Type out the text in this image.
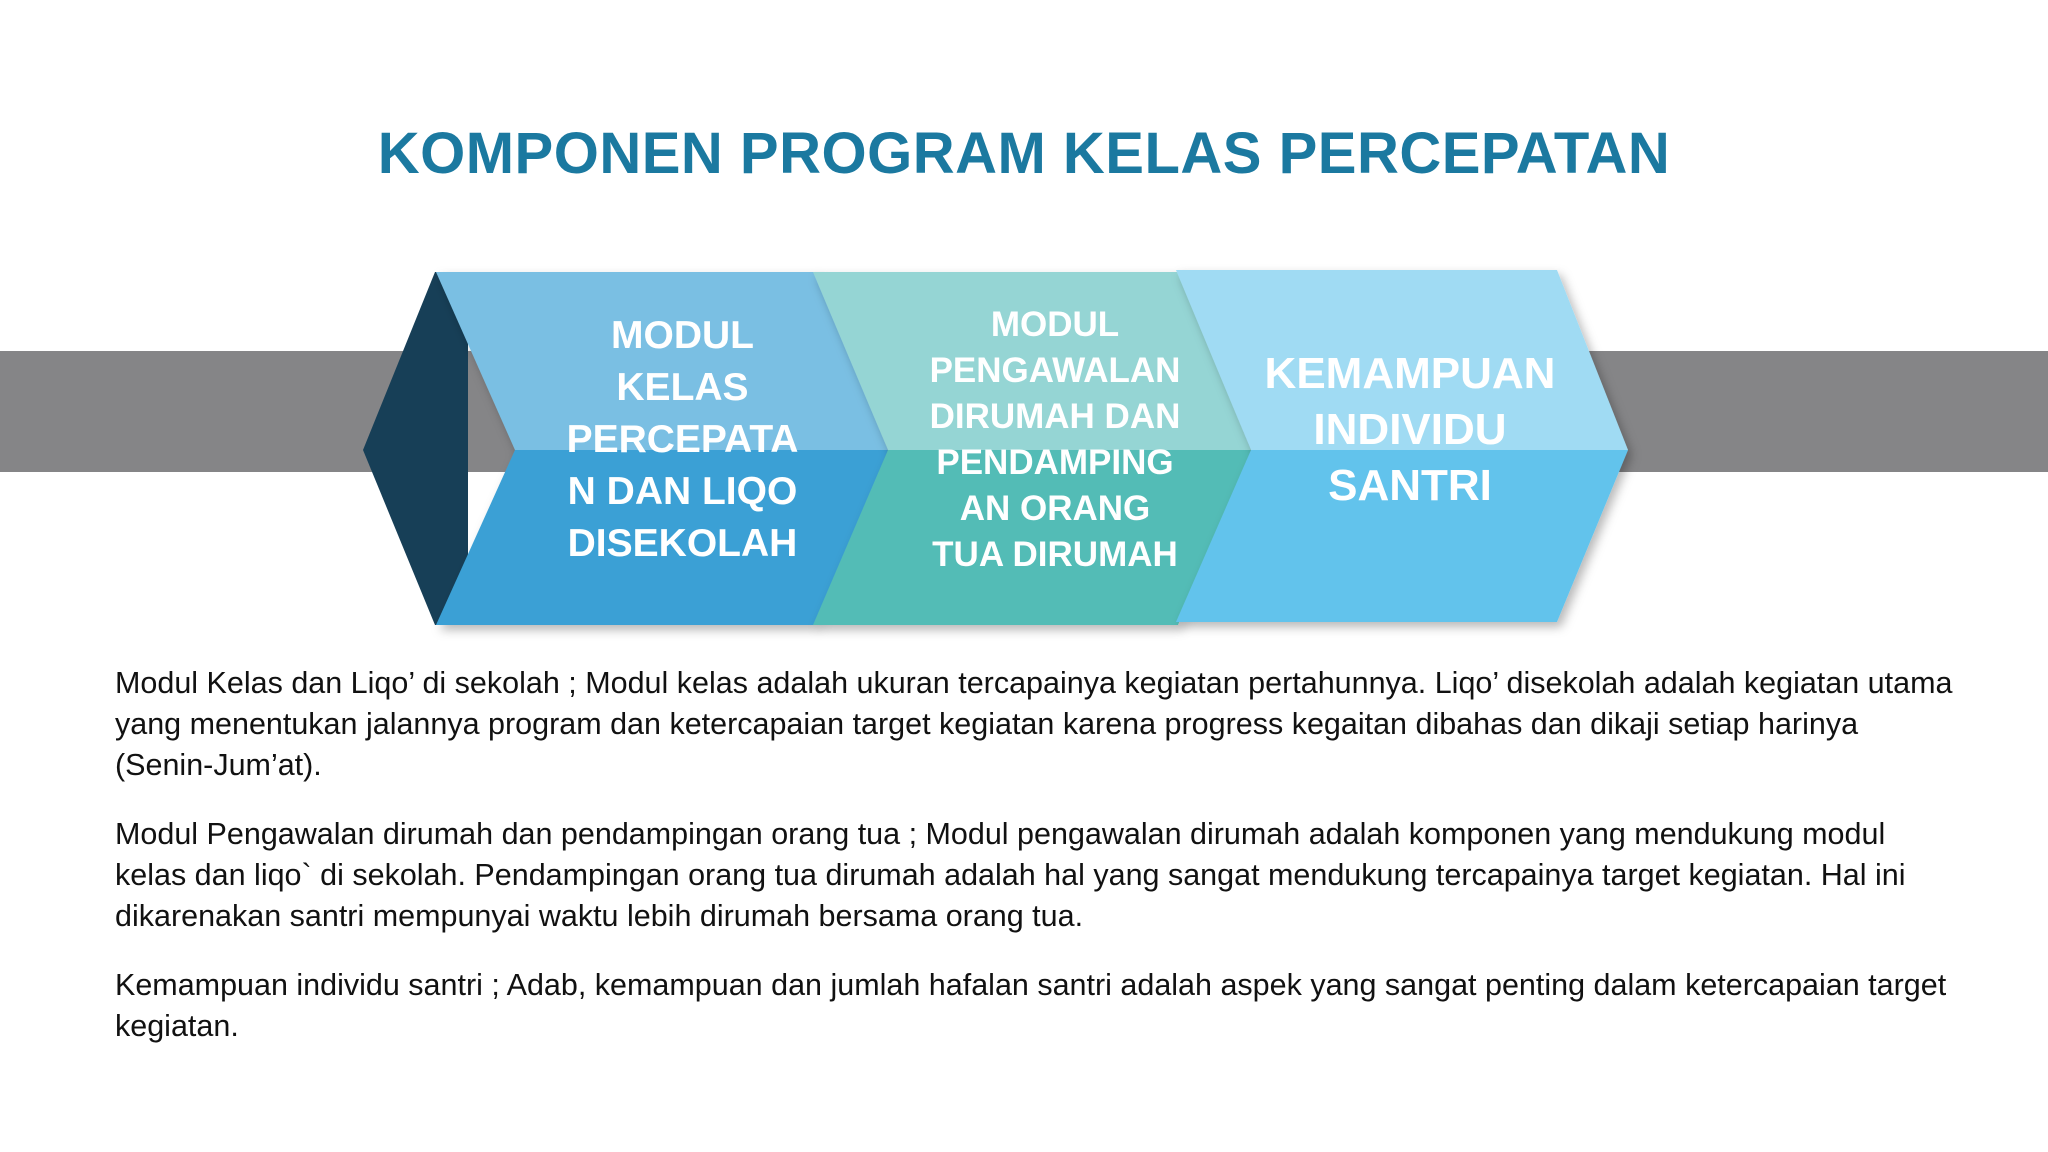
KOMPONEN PROGRAM KELAS PERCEPATAN
MODUL
KELAS
PERCEPATA
N DAN LIQO
DISEKOLAH
MODUL
PENGAWALAN
DIRUMAH DAN
PENDAMPING
AN ORANG
TUA DIRUMAH
KEMAMPUAN
INDIVIDU
SANTRI

Modul Kelas dan Liqo’ di sekolah ; Modul kelas adalah ukuran tercapainya kegiatan pertahunnya. Liqo’ disekolah adalah kegiatan utama yang menentukan jalannya program dan ketercapaian target kegiatan karena progress kegaitan dibahas dan dikaji setiap harinya (Senin-Jum’at).

Modul Pengawalan dirumah dan pendampingan orang tua ; Modul pengawalan dirumah adalah komponen yang mendukung modul kelas dan liqo` di sekolah. Pendampingan orang tua dirumah adalah hal yang sangat mendukung tercapainya target kegiatan. Hal ini dikarenakan santri mempunyai waktu lebih dirumah bersama orang tua.

Kemampuan individu santri ; Adab, kemampuan dan jumlah hafalan santri adalah aspek yang sangat penting dalam ketercapaian target kegiatan.
